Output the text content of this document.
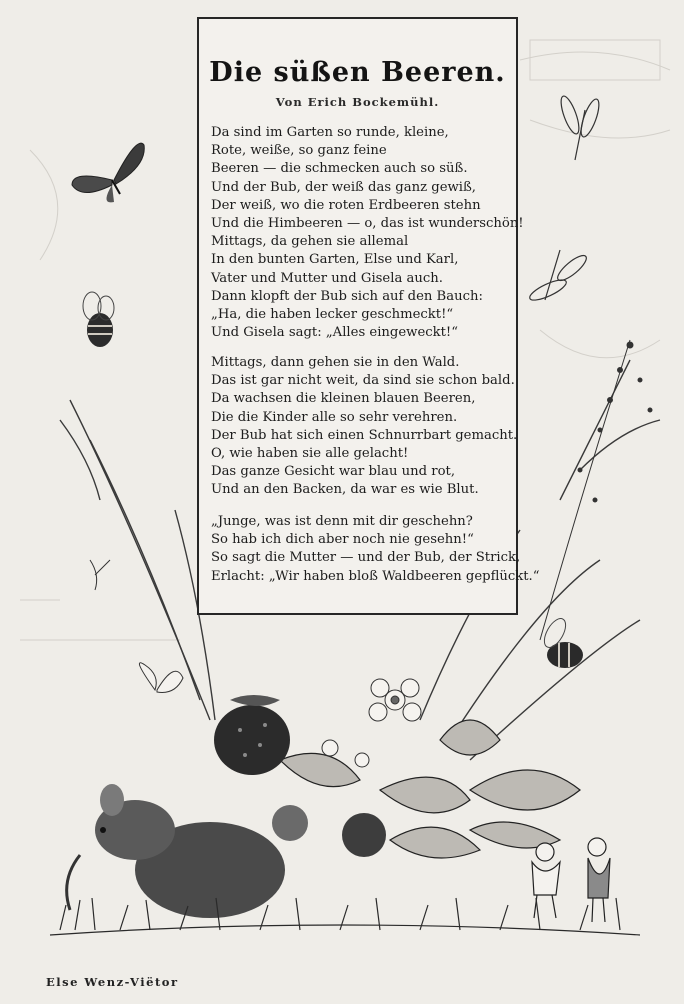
Die süßen Beeren.
Von Erich Bockemühl.
Da sind im Garten so runde, kleine,
Rote, weiße, so ganz feine
Beeren — die schmecken auch so süß.
Und der Bub, der weiß das ganz gewiß,
Der weiß, wo die roten Erdbeeren stehn
Und die Himbeeren — o, das ist wunderschön!
Mittags, da gehen sie allemal
In den bunten Garten, Else und Karl,
Vater und Mutter und Gisela auch.
Dann klopft der Bub sich auf den Bauch:
„Ha, die haben lecker geschmeckt!“
Und Gisela sagt: „Alles eingeweckt!“
Mittags, dann gehen sie in den Wald.
Das ist gar nicht weit, da sind sie schon bald.
Da wachsen die kleinen blauen Beeren,
Die die Kinder alle so sehr verehren.
Der Bub hat sich einen Schnurrbart gemacht.
O, wie haben sie alle gelacht!
Das ganze Gesicht war blau und rot,
Und an den Backen, da war es wie Blut.
„Junge, was ist denn mit dir geschehn?
So hab ich dich aber noch nie gesehn!“
So sagt die Mutter — und der Bub, der Strick,
Erlacht: „Wir haben bloß Waldbeeren gepflückt.“
Else Wenz-Viëtor
